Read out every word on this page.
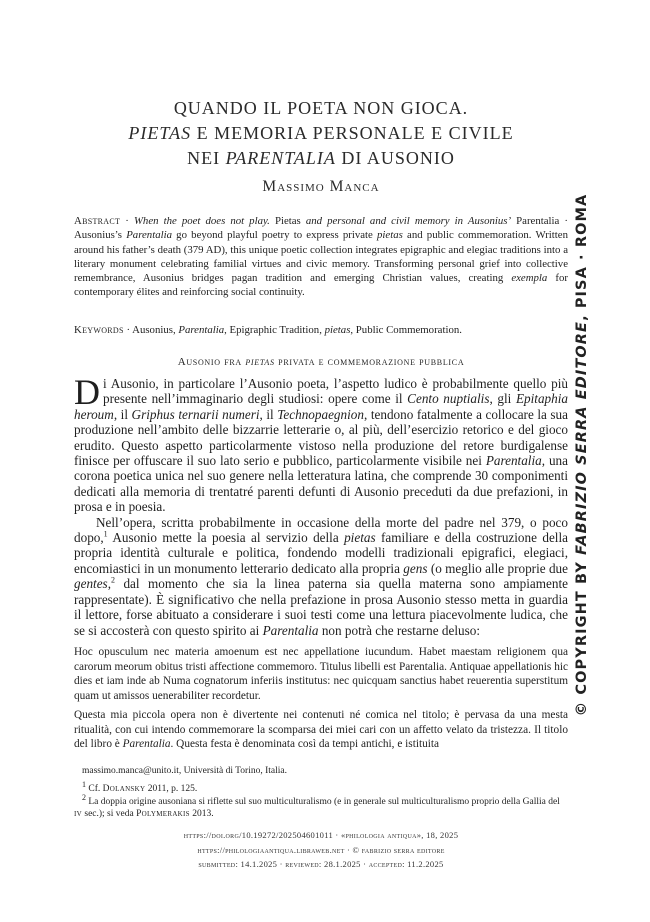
QUANDO IL POETA NON GIOCA.
PIETAS E MEMORIA PERSONALE E CIVILE
NEI PARENTALIA DI AUSONIO
Massimo Manca
Abstract · When the poet does not play. Pietas and personal and civil memory in Ausonius’ Parentalia · Ausonius’s Parentalia go beyond playful poetry to express private pietas and public commemoration. Written around his father’s death (379 AD), this unique poetic collection integrates epigraphic and elegiac traditions into a literary monument celebrating familial virtues and civic memory. Transforming personal grief into collective remembrance, Ausonius bridges pagan tradition and emerging Christian values, creating exempla for contemporary élites and reinforcing social continuity.
Keywords · Ausonius, Parentalia, Epigraphic Tradition, pietas, Public Commemoration.
Ausonio fra pietas privata e commemorazione pubblica

Di Ausonio, in particolare l’Ausonio poeta, l’aspetto ludico è probabilmente quello più presente nell’immaginario degli studiosi: opere come il Cento nuptialis, gli Epitaphia heroum, il Griphus ternarii numeri, il Technopaegnion, tendono fatalmente a collocare la sua produzione nell’ambito delle bizzarrie letterarie o, al più, dell’esercizio retorico e del gioco erudito. Questo aspetto particolarmente vistoso nella produzione del retore burdigalense finisce per offuscare il suo lato serio e pubblico, particolarmente visibile nei Parentalia, una corona poetica unica nel suo genere nella letteratura latina, che comprende 30 componimenti dedicati alla memoria di trentatré parenti defunti di Ausonio preceduti da due prefazioni, in prosa e in poesia.

Nell’opera, scritta probabilmente in occasione della morte del padre nel 379, o poco dopo,$^1$ Ausonio mette la poesia al servizio della pietas familiare e della costruzione della propria identità culturale e politica, fondendo modelli tradizionali epigrafici, elegiaci, encomiastici in un monumento letterario dedicato alla propria gens (o meglio alle proprie due gentes,$^2$ dal momento che sia la linea paterna sia quella materna sono ampiamente rappresentate). È significativo che nella prefazione in prosa Ausonio stesso metta in guardia il lettore, forse abituato a considerare i suoi testi come una lettura piacevolmente ludica, che se si accosterà con questo spirito ai Parentalia non potrà che restarne deluso:

Hoc opusculum nec materia amoenum est nec appellatione iucundum. Habet maestam religionem qua carorum meorum obitus tristi affectione commemoro. Titulus libelli est Parentalia. Antiquae appellationis hic dies et iam inde ab Numa cognatorum inferiis institutus: nec quicquam sanctius habet reuerentia superstitum quam ut amissos uenerabiliter recordetur.

Questa mia piccola opera non è divertente nei contenuti né comica nel titolo; è pervasa da una mesta ritualità, con cui intendo commemorare la scomparsa dei miei cari con un affetto velato da tristezza. Il titolo del libro è Parentalia. Questa festa è denominata così da tempi antichi, e istituita

massimo.manca@unito.it, Università di Torino, Italia.

$^1$ Cf. Dolansky 2011, p. 125.

$^2$ La doppia origine ausoniana si riflette sul suo multiculturalismo (e in generale sul multiculturalismo proprio della Gallia del iv sec.); si veda Polymerakis 2013.

https://doi.org/10.19272/202504601011 · «philologia antiqua», 18, 2025
https://philologiaantiqua.libraweb.net · © fabrizio serra editore
submitted: 14.1.2025 · reviewed: 28.1.2025 · accepted: 11.2.2025
© COPYRIGHT BY FABRIZIO SERRA EDITORE, PISA · ROMA
